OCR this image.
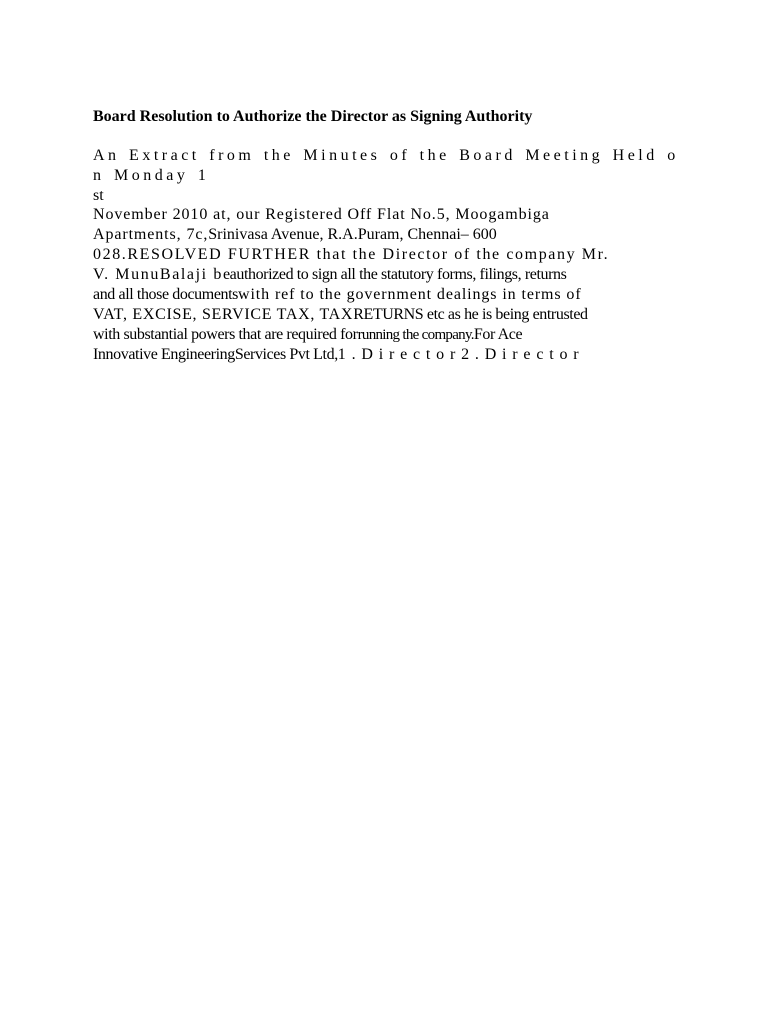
Board Resolution to Authorize the Director as Signing Authority
An Extract from the Minutes of the Board Meeting Held o
n Monday 1
st
November 2010 at, our Registered Off Flat No.5, Moogambiga
Apartments, 7c,Srinivasa Avenue, R.A.Puram, Chennai– 600
028.RESOLVED FURTHER that the Director of the company Mr.
V. MunuBalaji beauthorized to sign all the statutory forms, filings, returns
and all those documentswith ref to the government dealings in terms of
VAT, EXCISE, SERVICE TAX, TAXRETURNS etc as he is being entrusted
with substantial powers that are required forrunning the company.For Ace
Innovative EngineeringServices Pvt Ltd,1 . D i r e c t o r 2 . D i r e c t o r
